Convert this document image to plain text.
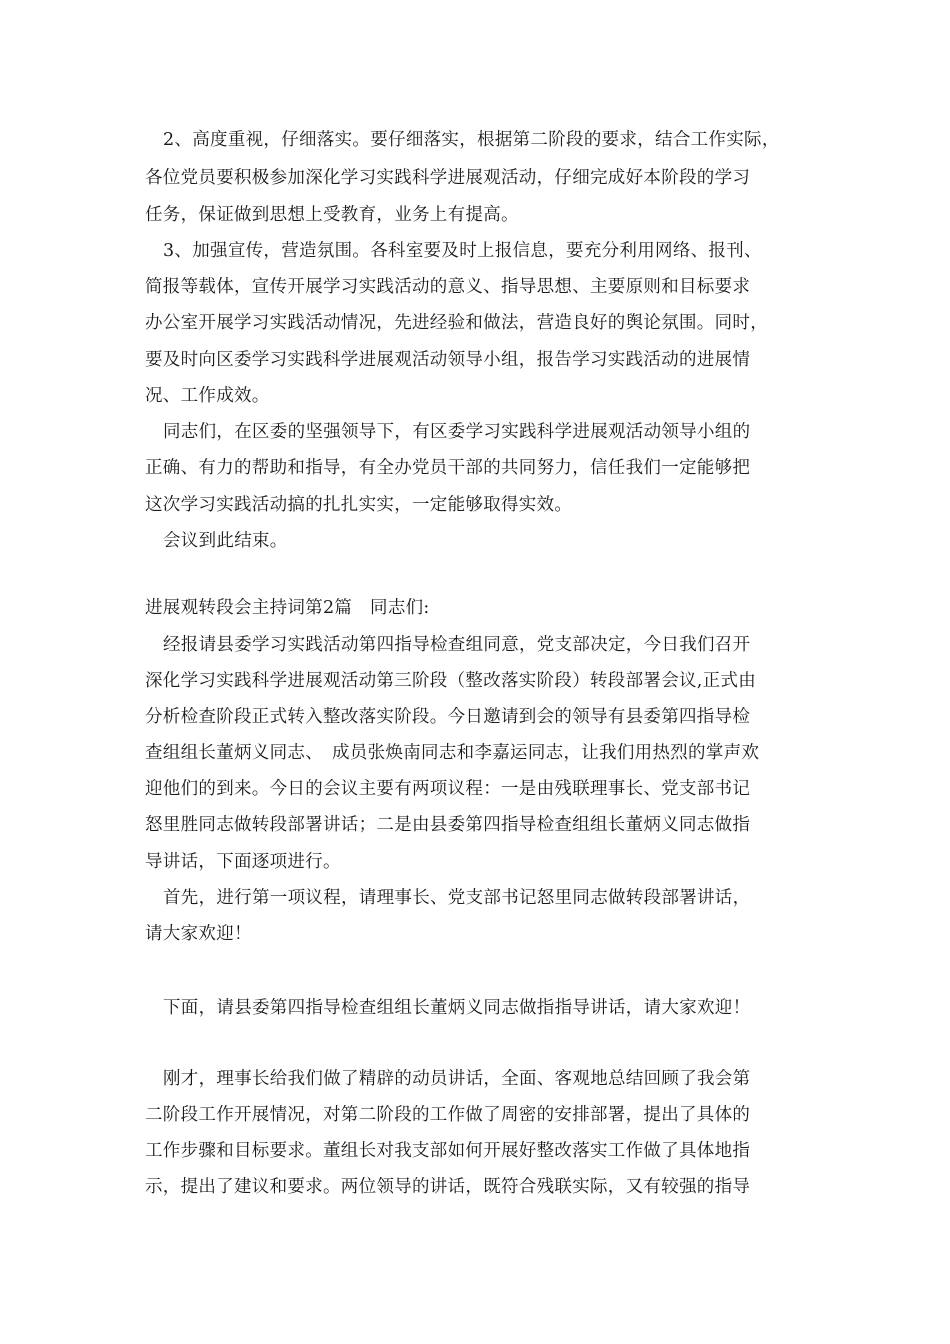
2、高度重视，仔细落实。要仔细落实，根据第二阶段的要求，结合工作实际，
各位党员要积极参加深化学习实践科学进展观活动，仔细完成好本阶段的学习
任务，保证做到思想上受教育，业务上有提高。
3、加强宣传，营造氛围。各科室要及时上报信息，要充分利用网络、报刊、
简报等载体，宣传开展学习实践活动的意义、指导思想、主要原则和目标要求
办公室开展学习实践活动情况，先进经验和做法，营造良好的舆论氛围。同时，
要及时向区委学习实践科学进展观活动领导小组，报告学习实践活动的进展情
况、工作成效。
同志们，在区委的坚强领导下，有区委学习实践科学进展观活动领导小组的
正确、有力的帮助和指导，有全办党员干部的共同努力，信任我们一定能够把
这次学习实践活动搞的扎扎实实，一定能够取得实效。
会议到此结束。
进展观转段会主持词第2篇　同志们:
经报请县委学习实践活动第四指导检查组同意，党支部决定，今日我们召开
深化学习实践科学进展观活动第三阶段（整改落实阶段）转段部署会议,正式由
分析检查阶段正式转入整改落实阶段。今日邀请到会的领导有县委第四指导检
查组组长董炳义同志、　成员张焕南同志和李嘉运同志，让我们用热烈的掌声欢
迎他们的到来。今日的会议主要有两项议程：一是由残联理事长、党支部书记
怒里胜同志做转段部署讲话；二是由县委第四指导检查组组长董炳义同志做指
导讲话，下面逐项进行。
首先，进行第一项议程，请理事长、党支部书记怒里同志做转段部署讲话，
请大家欢迎！
下面，请县委第四指导检查组组长董炳义同志做指指导讲话，请大家欢迎！
刚才，理事长给我们做了精辟的动员讲话，全面、客观地总结回顾了我会第
二阶段工作开展情况，对第二阶段的工作做了周密的安排部署，提出了具体的
工作步骤和目标要求。董组长对我支部如何开展好整改落实工作做了具体地指
示，提出了建议和要求。两位领导的讲话，既符合残联实际，又有较强的指导
